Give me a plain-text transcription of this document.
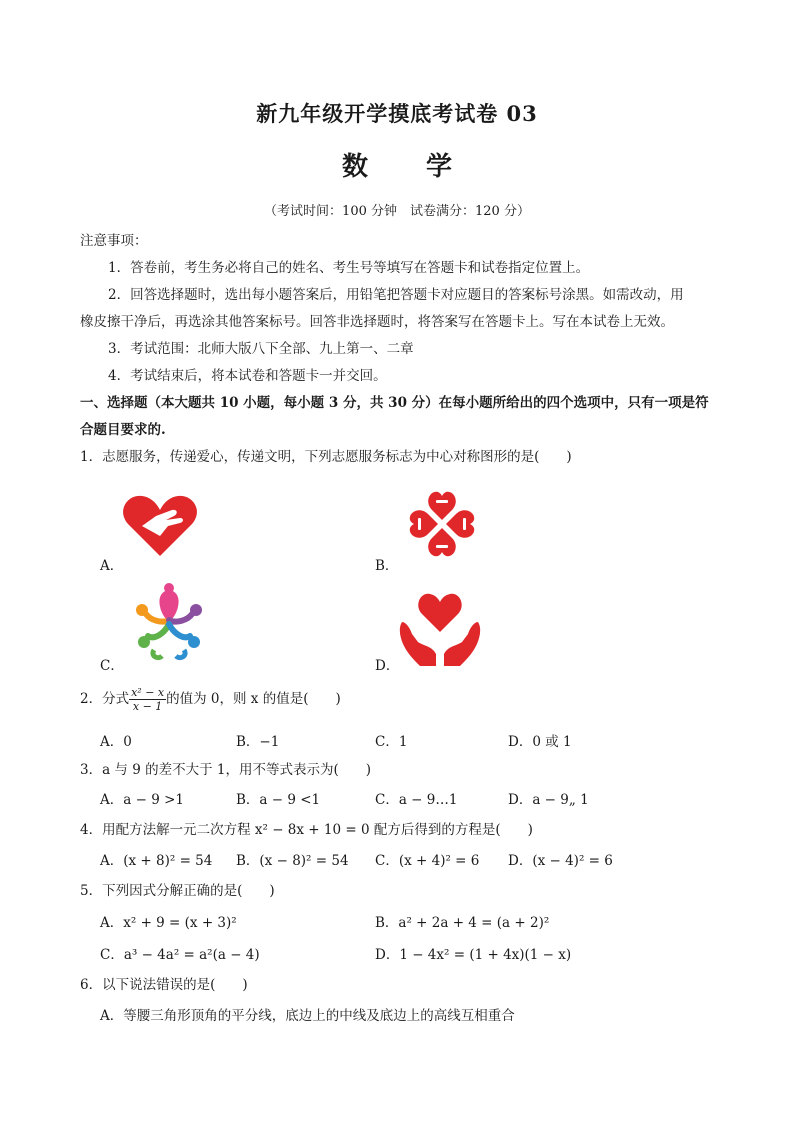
新九年级开学摸底考试卷 03
数 学
（考试时间：100 分钟　试卷满分：120 分）
注意事项：
1．答卷前，考生务必将自己的姓名、考生号等填写在答题卡和试卷指定位置上。
2．回答选择题时，选出每小题答案后，用铅笔把答题卡对应题目的答案标号涂黑。如需改动，用
橡皮擦干净后，再选涂其他答案标号。回答非选择题时，将答案写在答题卡上。写在本试卷上无效。
3．考试范围：北师大版八下全部、九上第一、二章
4．考试结束后，将本试卷和答题卡一并交回。
一、选择题（本大题共 10 小题，每小题 3 分，共 30 分）在每小题所给出的四个选项中，只有一项是符
合题目要求的.
1．志愿服务，传递爱心，传递文明，下列志愿服务标志为中心对称图形的是(　　)
A．	B．
C．	D．
2．分式 $\frac{\text{x² − x}}{x - 1}$ 的值为 0，则 x 的值是(　　)
A．0	B．−1	C．1	D．0 或 1
3．a 与 9 的差不大于 1，用不等式表示为(　　)
A．a − 9 >1	B．a − 9 <1	C．a − 9…1	D．a − 9„ 1
4．用配方法解一元二次方程 x² − 8x + 10 = 0 配方后得到的方程是(　　)
A．(x + 8)² = 54 B．(x − 8)² = 54 C．(x + 4)² = 6 D．(x − 4)² = 6
5．下列因式分解正确的是(　　)
A．x² + 9 = (x + 3)²	B．a² + 2a + 4 = (a + 2)²
C．a³ − 4a² = a²(a − 4)	D．1 − 4x² = (1 + 4x)(1 − x)
6．以下说法错误的是(　　)
A．等腰三角形顶角的平分线，底边上的中线及底边上的高线互相重合
